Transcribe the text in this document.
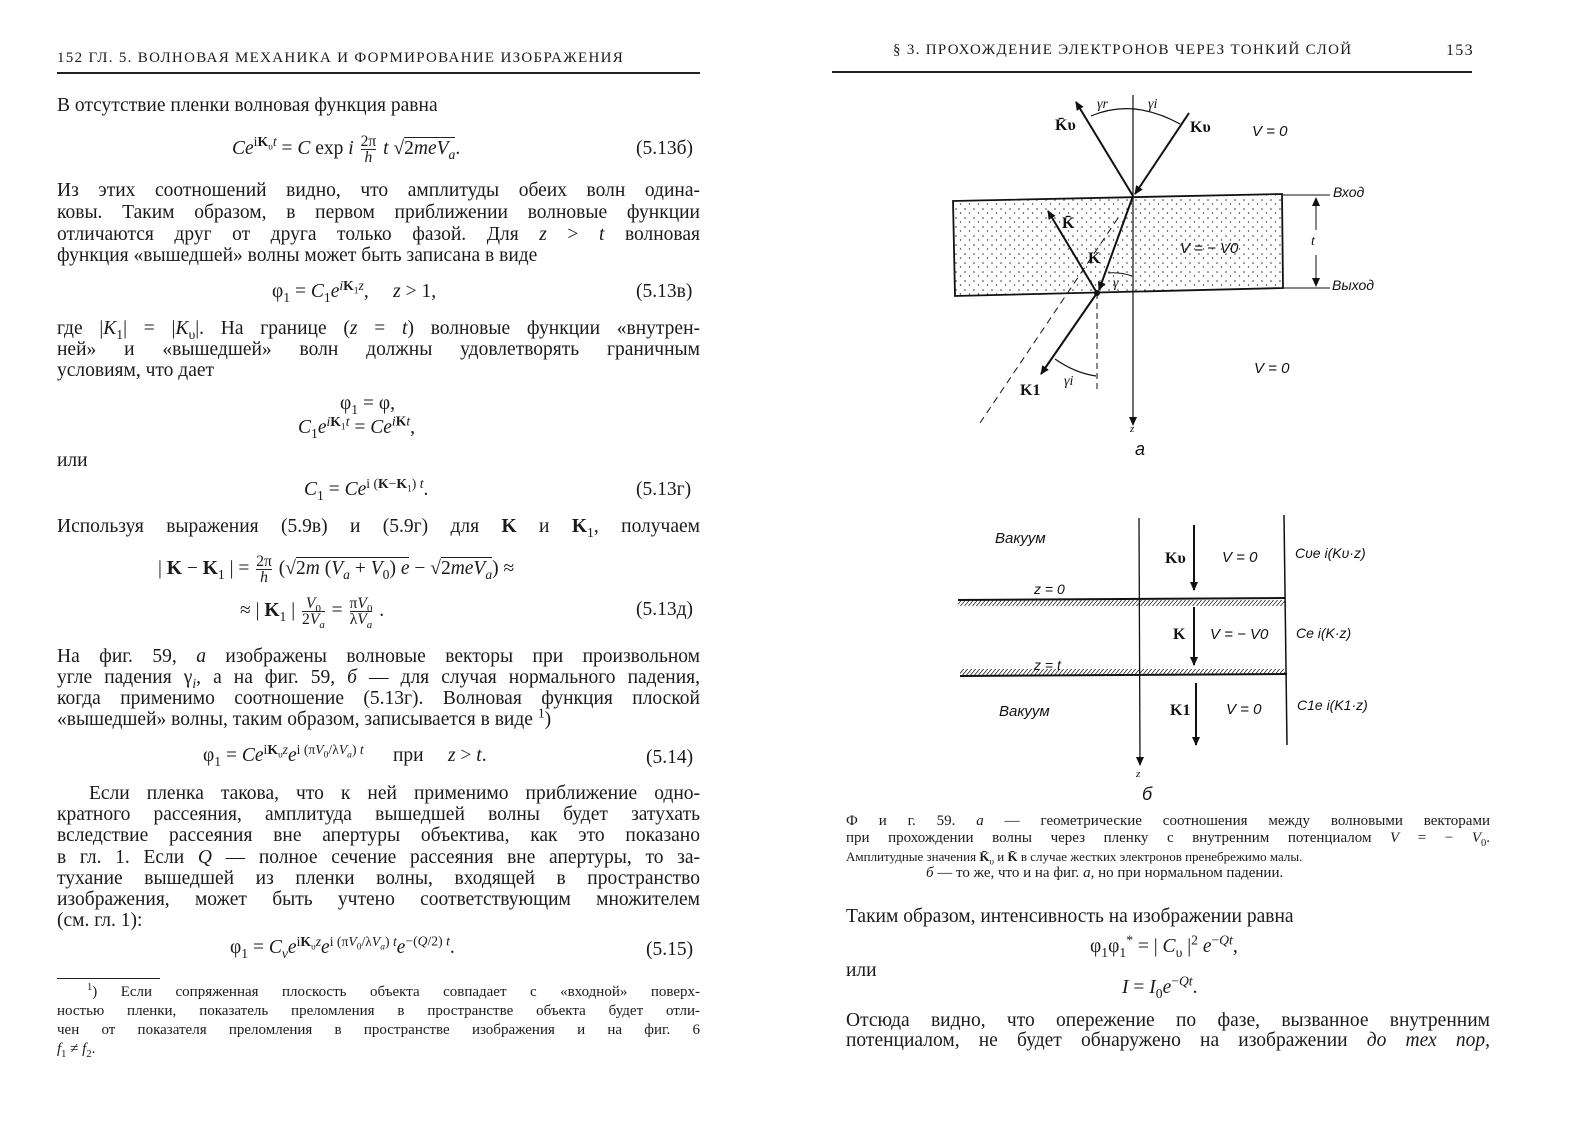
152 ГЛ. 5. ВОЛНОВАЯ МЕХАНИКА И ФОРМИРОВАНИЕ ИЗОБРАЖЕНИЯ
В отсутствие пленки волновая функция равна
$Ce^{iK_\upsilon t} = C$ exp i $\frac{2\pi}{h}$ t √2meV$_a$.	(5.13б)
Из этих соотношений видно, что амплитуды обеих волн одина-
ковы. Таким образом, в первом приближении волновые функции
отличаются друг от друга только фазой. Для z > t волновая
функция «вышедшей» волны может быть записана в виде
$\varphi_1 = C_1e^{iK_1z}$,     z > 1,	(5.13в)
где $|K_1| = |K_\upsilon|$. На границе (z = t) волновые функции «внутрен-
ней» и «вышедшей» волн должны удовлетворять граничным
условиям, что дает
$\varphi_1 = \varphi$,
$C_1e^{iK_1t} = Ce^{iKt}$,
или
$C_1 = Ce^{i (K-K_1) t}$.	(5.13г)
Используя выражения (5.9в) и (5.9г) для K и $K_1$, получаем
| $K - K_1$ | = $\frac{2\pi}{h} (√2m$ $(V_a + V_0) e - √2meV_a$) ≈
≈ | $K_1$ | $\frac{V_0}{2V_a} = \frac{\pi V_0}{\lambda V_a}$ .	(5.13д)
На фиг. 59, а изображены волновые векторы при произвольном
угле падения $\gamma_i$, а на фиг. 59, б — для случая нормального падения,
когда применимо соотношение (5.13г). Волновая функция плоской
«вышедшей» волны, таким образом, записывается в виде $^1$)
$\varphi_1 = Ce^{iK_\upsilon z}e^{i (\pi V_0/\lambda V_a) t}$      при     z > t.	(5.14)
Если пленка такова, что к ней применимо приближение одно-
кратного рассеяния, амплитуда вышедшей волны будет затухать
вследствие рассеяния вне апертуры объектива, как это показано
в гл. 1. Если Q — полное сечение рассеяния вне апертуры, то за-
тухание вышедшей из пленки волны, входящей в пространство
изображения, может быть учтено соответствующим множителем
(см. гл. 1):
$\varphi_1 = C_ve^{iK_\upsilon z}e^{i (\pi V_0/\lambda V_a) t}e^{-(Q/2) t}$.	(5.15)
$^1$) Если сопряженная плоскость объекта совпадает с «входной» поверх-
ностью пленки, показатель преломления в пространстве объекта будет отли-
чен от показателя преломления в пространстве изображения и на фиг. 6
$f_1 \ne f_2$.
§ 3. ПРОХОЖДЕНИЕ ЭЛЕКТРОНОВ ЧЕРЕЗ ТОНКИЙ СЛОЙ	153
K̄υ
γr	γi
Kυ	V = 0
Вход
t
Выход
K̄
V = − V0
K
γ
V = 0
K1
γi
z
а
Вакуум
Kυ V = 0	Cυe i(Kυ·z)
z = 0
K V = − V0 Ce i(K·z)
z = t
Вакуум	K1 V = 0	C1e i(K1·z)
z
б
Ф и г. 59. а — геометрические соотношения между волновыми векторами
при прохождении волны через пленку с внутренним потенциалом V = − $V_0$.
Амплитудные значения $K̄_\upsilon$ и K̄ в случае жестких электронов пренебрежимо малы.
б — то же, что и на фиг. а, но при нормальном падении.
Таким образом, интенсивность на изображении равна
$\varphi_1\varphi_1^*$ = | $C_\upsilon$ $|^2$ $e^{-Qt}$,
или
$I = I_0e^{-Qt}$.
Отсюда видно, что опережение по фазе, вызванное внутренним
потенциалом, не будет обнаружено на изображении до тех пор,
